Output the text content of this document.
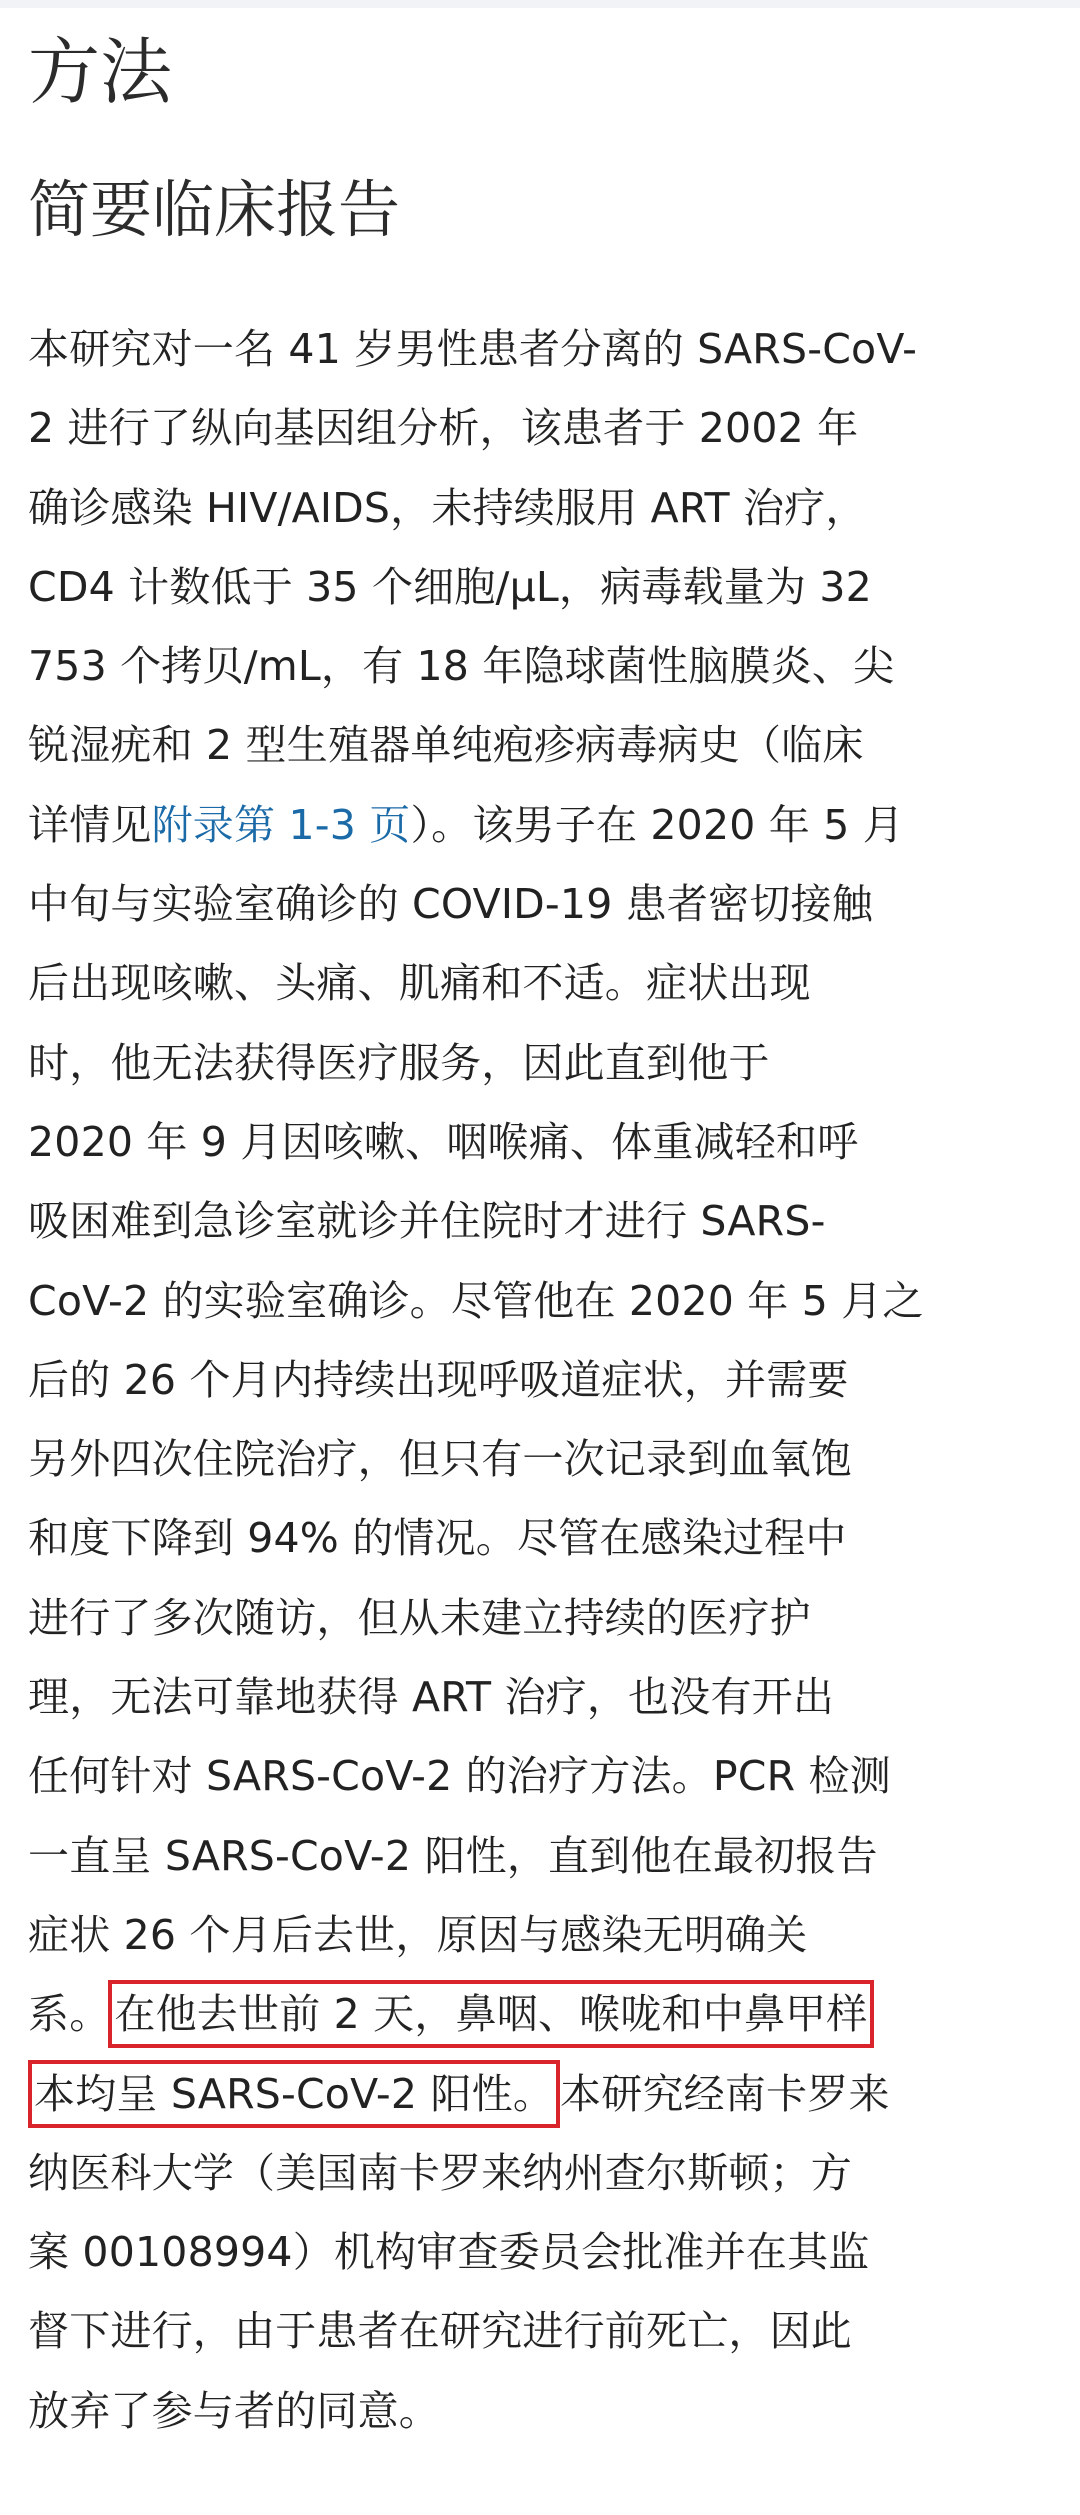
方法
简要临床报告
本研究对一名 41 岁男性患者分离的 SARS-CoV-
2 进行了纵向基因组分析，该患者于 2002 年
确诊感染 HIV/AIDS，未持续服用 ART 治疗，
CD4 计数低于 35 个细胞/µL，病毒载量为 32
753 个拷贝/mL，有 18 年隐球菌性脑膜炎、尖
锐湿疣和 2 型生殖器单纯疱疹病毒病史（临床
详情见附录第 1-3 页）。该男子在 2020 年 5 月
中旬与实验室确诊的 COVID-19 患者密切接触
后出现咳嗽、头痛、肌痛和不适。症状出现
时，他无法获得医疗服务，因此直到他于
2020 年 9 月因咳嗽、咽喉痛、体重减轻和呼
吸困难到急诊室就诊并住院时才进行 SARS-
CoV-2 的实验室确诊。尽管他在 2020 年 5 月之
后的 26 个月内持续出现呼吸道症状，并需要
另外四次住院治疗，但只有一次记录到血氧饱
和度下降到 94% 的情况。尽管在感染过程中
进行了多次随访，但从未建立持续的医疗护
理，无法可靠地获得 ART 治疗，也没有开出
任何针对 SARS-CoV-2 的治疗方法。PCR 检测
一直呈 SARS-CoV-2 阳性，直到他在最初报告
症状 26 个月后去世，原因与感染无明确关
系。在他去世前 2 天，鼻咽、喉咙和中鼻甲样
本均呈 SARS-CoV-2 阳性。 本研究经南卡罗来
纳医科大学（美国南卡罗来纳州查尔斯顿；方
案 00108994）机构审查委员会批准并在其监
督下进行，由于患者在研究进行前死亡，因此
放弃了参与者的同意。
